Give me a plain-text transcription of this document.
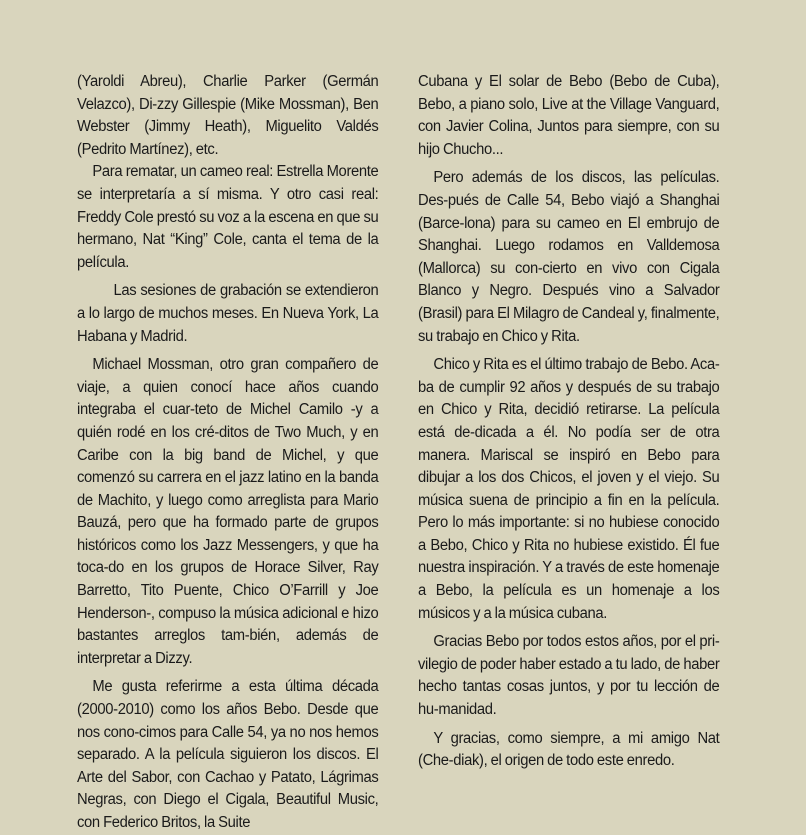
(Yaroldi Abreu), Charlie Parker (Germán Velazco), Di-zzy Gillespie (Mike Mossman), Ben Webster (Jimmy Heath), Miguelito Valdés (Pedrito Martínez), etc.

Para rematar, un cameo real: Estrella Morente se interpretaría a sí misma. Y otro casi real: Freddy Cole prestó su voz a la escena en que su hermano, Nat “King” Cole, canta el tema de la película.

Las sesiones de grabación se extendieron a lo largo de muchos meses. En Nueva York, La Habana y Madrid.

Michael Mossman, otro gran compañero de viaje, a quien conocí hace años cuando integraba el cuar-teto de Michel Camilo -y a quién rodé en los cré-ditos de Two Much, y en Caribe con la big band de Michel, y que comenzó su carrera en el jazz latino en la banda de Machito, y luego como arreglista para Mario Bauzá, pero que ha formado parte de grupos históricos como los Jazz Messengers, y que ha toca-do en los grupos de Horace Silver, Ray Barretto, Tito Puente, Chico O’Farrill y Joe Henderson-, compuso la música adicional e hizo bastantes arreglos tam-bién, además de interpretar a Dizzy.

Me gusta referirme a esta última década (2000-2010) como los años Bebo. Desde que nos cono-cimos para Calle 54, ya no nos hemos separado. A la película siguieron los discos. El Arte del Sabor, con Cachao y Patato, Lágrimas Negras, con Diego el Cigala, Beautiful Music, con Federico Britos, la Suite

Cubana y El solar de Bebo (Bebo de Cuba), Bebo, a piano solo, Live at the Village Vanguard, con Javier Colina, Juntos para siempre, con su hijo Chucho...

Pero además de los discos, las películas. Des-pués de Calle 54, Bebo viajó a Shanghai (Barce-lona) para su cameo en El embrujo de Shanghai. Luego rodamos en Valldemosa (Mallorca) su con-cierto en vivo con Cigala Blanco y Negro. Después vino a Salvador (Brasil) para El Milagro de Candeal y, finalmente, su trabajo en Chico y Rita.

Chico y Rita es el último trabajo de Bebo. Aca-ba de cumplir 92 años y después de su trabajo en Chico y Rita, decidió retirarse. La película está de-dicada a él. No podía ser de otra manera. Mariscal se inspiró en Bebo para dibujar a los dos Chicos, el joven y el viejo. Su música suena de principio a fin en la película. Pero lo más importante: si no hubiese conocido a Bebo, Chico y Rita no hubiese existido. Él fue nuestra inspiración. Y a través de este homenaje a Bebo, la película es un homenaje a los músicos y a la música cubana.

Gracias Bebo por todos estos años, por el pri-vilegio de poder haber estado a tu lado, de haber hecho tantas cosas juntos, y por tu lección de hu-manidad.

Y gracias, como siempre, a mi amigo Nat (Che-diak), el origen de todo este enredo.
